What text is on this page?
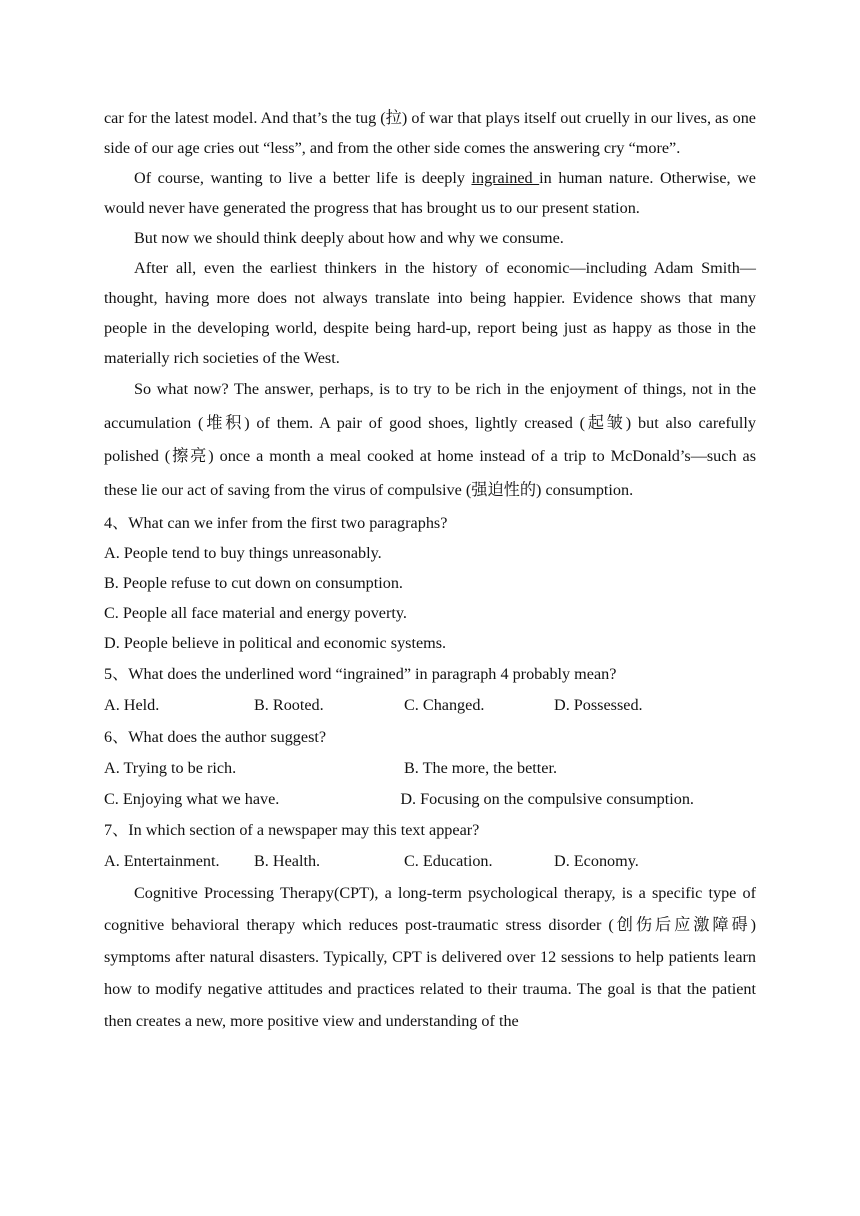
car for the latest model. And that’s the tug (拉) of war that plays itself out cruelly in our lives, as one side of our age cries out “less”, and from the other side comes the answering cry “more”.

Of course, wanting to live a better life is deeply ingrained in human nature. Otherwise, we would never have generated the progress that has brought us to our present station.

But now we should think deeply about how and why we consume.

After all, even the earliest thinkers in the history of economic—including Adam Smith—thought, having more does not always translate into being happier. Evidence shows that many people in the developing world, despite being hard-up, report being just as happy as those in the materially rich societies of the West.

So what now? The answer, perhaps, is to try to be rich in the enjoyment of things, not in the accumulation (堆积) of them. A pair of good shoes, lightly creased (起皱) but also carefully polished (擦亮) once a month a meal cooked at home instead of a trip to McDonald’s—such as these lie our act of saving from the virus of compulsive (强迫性的) consumption.

4、What can we infer from the first two paragraphs?

A. People tend to buy things unreasonably.

B. People refuse to cut down on consumption.

C. People all face material and energy poverty.

D. People believe in political and economic systems.

5、What does the underlined word “ingrained” in paragraph 4 probably mean?

A. Held.	B. Rooted.	C. Changed.	D. Possessed.

6、What does the author suggest?

A. Trying to be rich.	B. The more, the better.
C. Enjoying what we have.	D. Focusing on the compulsive consumption.

7、In which section of a newspaper may this text appear?

A. Entertainment.	B. Health.	C. Education.	D. Economy.

Cognitive Processing Therapy(CPT), a long-term psychological therapy, is a specific type of cognitive behavioral therapy which reduces post-traumatic stress disorder (创伤后应激障碍) symptoms after natural disasters. Typically, CPT is delivered over 12 sessions to help patients learn how to modify negative attitudes and practices related to their trauma. The goal is that the patient then creates a new, more positive view and understanding of the
